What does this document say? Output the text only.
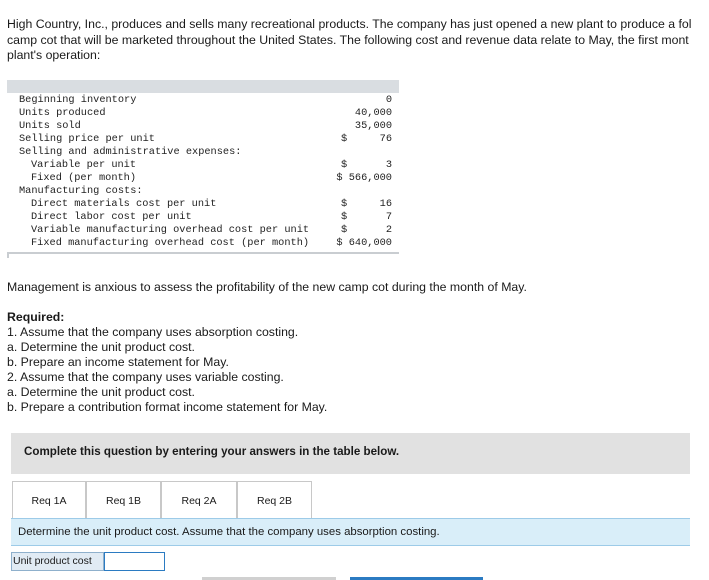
High Country, Inc., produces and sells many recreational products. The company has just opened a new plant to produce a fol
camp cot that will be marketed throughout the United States. The following cost and revenue data relate to May, the first mont
plant's operation:
Beginning inventory	0
Units produced	40,000
Units sold	35,000
Selling price per unit	$	76
Selling and administrative expenses:
Variable per unit	$	3
Fixed (per month)	$ 566,000
Manufacturing costs:
Direct materials cost per unit	$	16
Direct labor cost per unit	$	7
Variable manufacturing overhead cost per unit	$	2
Fixed manufacturing overhead cost (per month)	$ 640,000
Management is anxious to assess the profitability of the new camp cot during the month of May.
Required:
1. Assume that the company uses absorption costing.
a. Determine the unit product cost.
b. Prepare an income statement for May.
2. Assume that the company uses variable costing.
a. Determine the unit product cost.
b. Prepare a contribution format income statement for May.
Complete this question by entering your answers in the table below.
Req 1A	Req 1B	Req 2A	Req 2B
Determine the unit product cost. Assume that the company uses absorption costing.
Unit product cost
